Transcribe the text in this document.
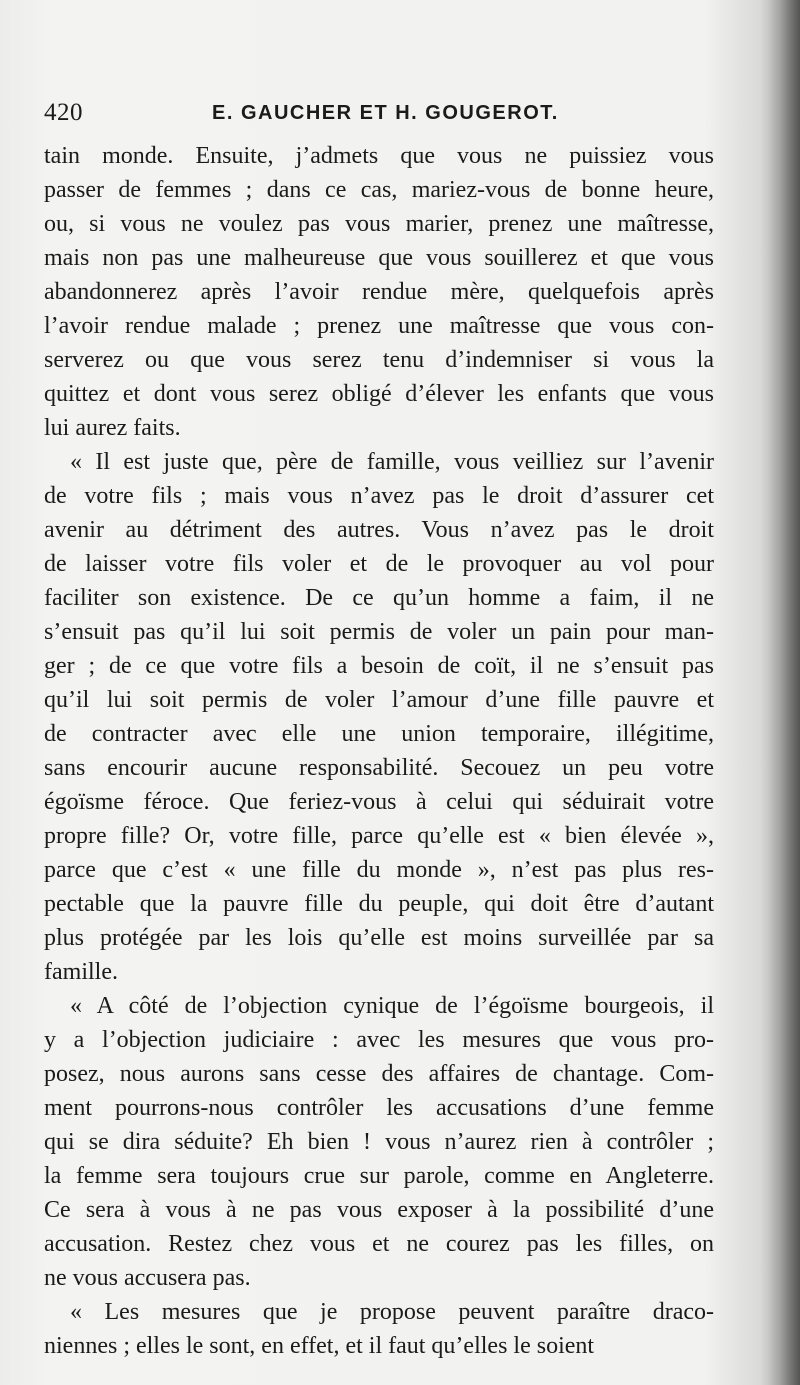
420	E. GAUCHER ET H. GOUGEROT.
tain monde. Ensuite, j’admets que vous ne puissiez vous
passer de femmes ; dans ce cas, mariez-vous de bonne heure,
ou, si vous ne voulez pas vous marier, prenez une maîtresse,
mais non pas une malheureuse que vous souillerez et que vous
abandonnerez après l’avoir rendue mère, quelquefois après
l’avoir rendue malade ; prenez une maîtresse que vous con-
serverez ou que vous serez tenu d’indemniser si vous la
quittez et dont vous serez obligé d’élever les enfants que vous
lui aurez faits.
« Il est juste que, père de famille, vous veilliez sur l’avenir
de votre fils ; mais vous n’avez pas le droit d’assurer cet
avenir au détriment des autres. Vous n’avez pas le droit
de laisser votre fils voler et de le provoquer au vol pour
faciliter son existence. De ce qu’un homme a faim, il ne
s’ensuit pas qu’il lui soit permis de voler un pain pour man-
ger ; de ce que votre fils a besoin de coït, il ne s’ensuit pas
qu’il lui soit permis de voler l’amour d’une fille pauvre et
de contracter avec elle une union temporaire, illégitime,
sans encourir aucune responsabilité. Secouez un peu votre
égoïsme féroce. Que feriez-vous à celui qui séduirait votre
propre fille? Or, votre fille, parce qu’elle est « bien élevée »,
parce que c’est « une fille du monde », n’est pas plus res-
pectable que la pauvre fille du peuple, qui doit être d’autant
plus protégée par les lois qu’elle est moins surveillée par sa
famille.
« A côté de l’objection cynique de l’égoïsme bourgeois, il
y a l’objection judiciaire : avec les mesures que vous pro-
posez, nous aurons sans cesse des affaires de chantage. Com-
ment pourrons-nous contrôler les accusations d’une femme
qui se dira séduite? Eh bien ! vous n’aurez rien à contrôler ;
la femme sera toujours crue sur parole, comme en Angleterre.
Ce sera à vous à ne pas vous exposer à la possibilité d’une
accusation. Restez chez vous et ne courez pas les filles, on
ne vous accusera pas.
« Les mesures que je propose peuvent paraître draco-
niennes ; elles le sont, en effet, et il faut qu’elles le soient
